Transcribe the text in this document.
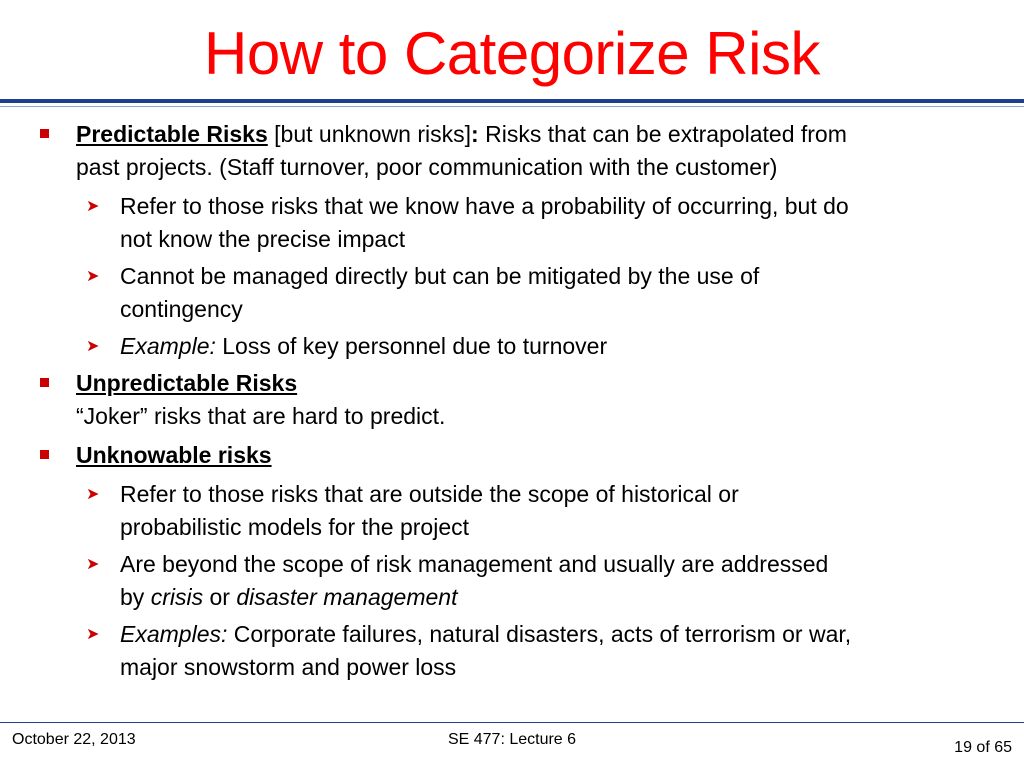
How to Categorize Risk
Predictable Risks [but unknown risks]: Risks that can be extrapolated from
past projects. (Staff turnover, poor communication with the customer)
➤ Refer to those risks that we know have a probability of occurring, but do
not know the precise impact
➤ Cannot be managed directly but can be mitigated by the use of
contingency
➤ Example: Loss of key personnel due to turnover
Unpredictable Risks
“Joker” risks that are hard to predict.
Unknowable risks
➤ Refer to those risks that are outside the scope of historical or
probabilistic models for the project
➤ Are beyond the scope of risk management and usually are addressed
by crisis or disaster management
➤ Examples: Corporate failures, natural disasters, acts of terrorism or war,
major snowstorm and power loss
October 22, 2013	SE 477: Lecture 6	19 of 65
